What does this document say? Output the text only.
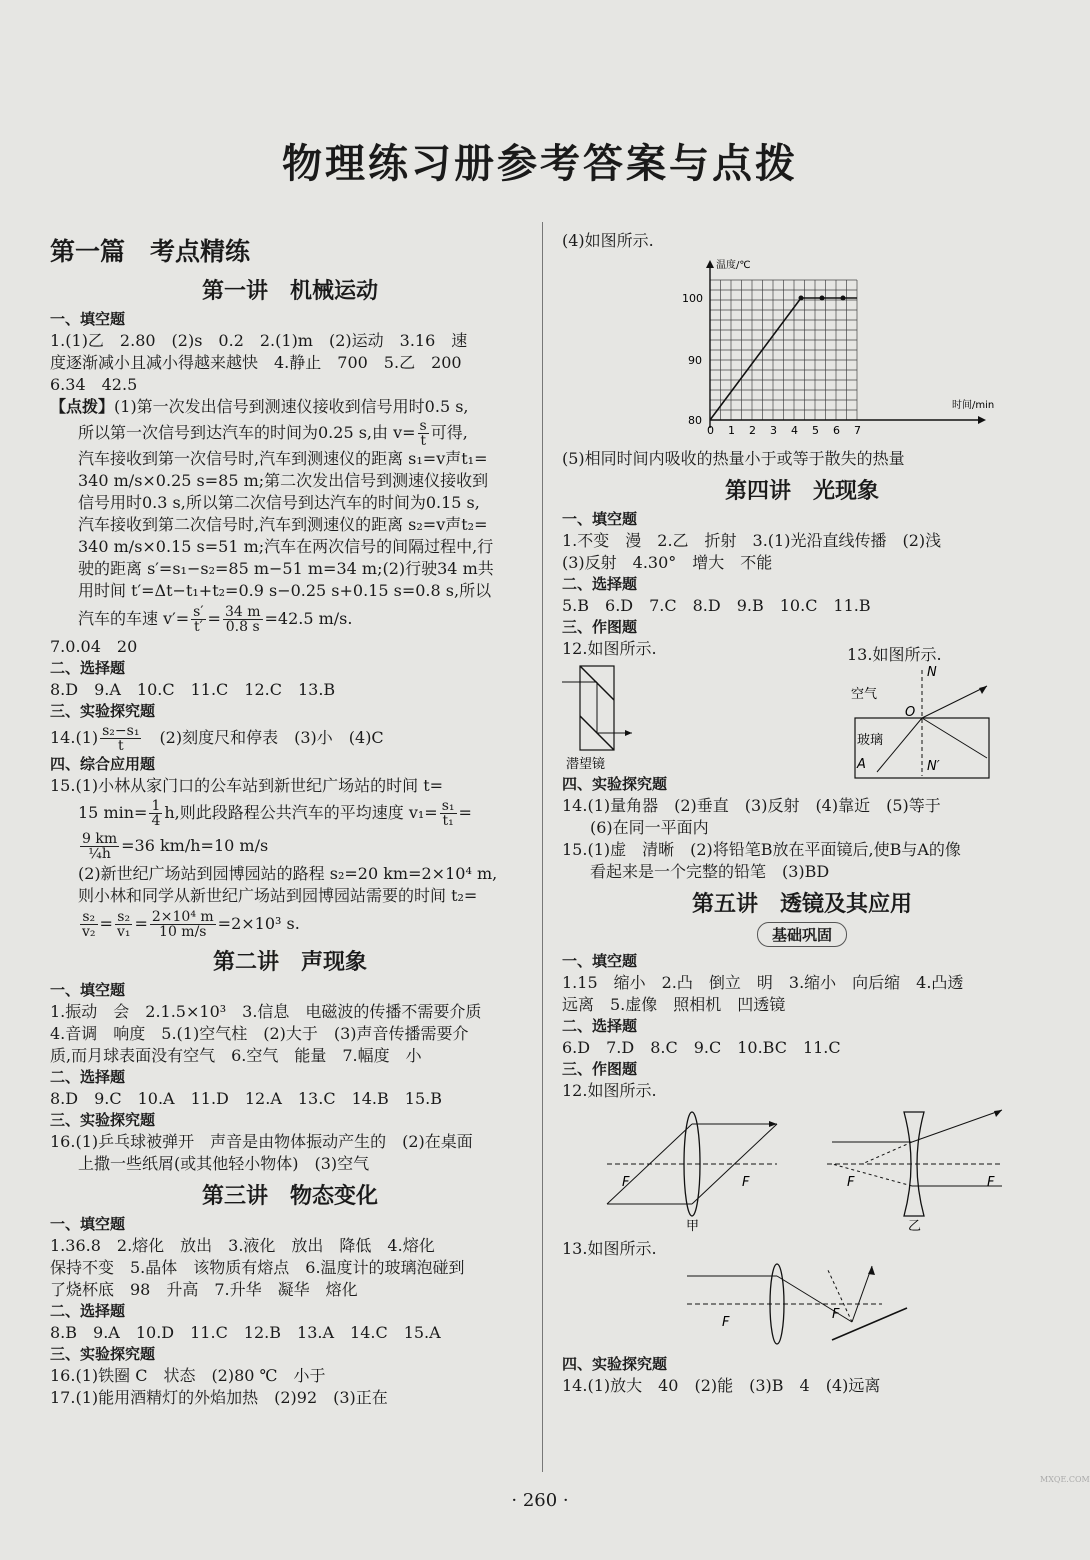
物理练习册参考答案与点拨
第一篇　考点精练
第一讲　机械运动
一、填空题
1.(1)乙　2.80　(2)s　0.2　2.(1)m　(2)运动　3.16　速
度逐渐减小且减小得越来越快　4.静止　700　5.乙　200
6.34　42.5
【点拨】(1)第一次发出信号到测速仪接收到信号用时0.5 s,
所以第一次信号到达汽车的时间为0.25 s,由 $v= \frac{s}{t}$ 可得,
汽车接收到第一次信号时,汽车到测速仪的距离 s₁=v声t₁=
340 m/s×0.25 s=85 m;第二次发出信号到测速仪接收到
信号用时0.3 s,所以第二次信号到达汽车的时间为0.15 s,
汽车接收到第二次信号时,汽车到测速仪的距离 s₂=v声t₂=
340 m/s×0.15 s=51 m;汽车在两次信号的间隔过程中,行
驶的距离 s′=s₁−s₂=85 m−51 m=34 m;(2)行驶34 m共
用时间 t′=Δt−t₁+t₂=0.9 s−0.25 s+0.15 s=0.8 s,所以
汽车的车速 $v'= \frac{s'}{t'} = \frac{34 m}{0.8 s} =42.5$ m/s.
7.0.04　20
二、选择题
8.D　9.A　10.C　11.C　12.C　13.B
三、实验探究题
$14.(1) \frac{\text{s₂−s₁}}{t}$ 　(2)刻度尺和停表　(3)小　(4)C
四、综合应用题
15.(1)小林从家门口的公车站到新世纪广场站的时间 t=
15 $\min= \frac{1}{4} h$,则此段路程公共汽车的平均速度 $v_1= \frac{\text{s₁}}{\text{t₁}}$ =
$\frac{9 km}{\text{¼h}} =36$ km/h=10 m/s
(2)新世纪广场站到园博园站的路程 s₂=20 km=2×10⁴ m,
则小林和同学从新世纪广场站到园博园站需要的时间 t₂=
$\frac{\text{s₂}}{\text{v₂}} = \frac{\text{s₂}}{\text{v₁}} = \frac{\text{2×10⁴ m}}{10 m/s} =2\times 10^3$ s.
第二讲　声现象
一、填空题
1.振动　会　2.1.5×10³　3.信息　电磁波的传播不需要介质
4.音调　响度　5.(1)空气柱　(2)大于　(3)声音传播需要介
质,而月球表面没有空气　6.空气　能量　7.幅度　小
二、选择题
8.D　9.C　10.A　11.D　12.A　13.C　14.B　15.B
三、实验探究题
16.(1)乒乓球被弹开　声音是由物体振动产生的　(2)在桌面
上撒一些纸屑(或其他轻小物体)　(3)空气
第三讲　物态变化
一、填空题
1.36.8　2.熔化　放出　3.液化　放出　降低　4.熔化
保持不变　5.晶体　该物质有熔点　6.温度计的玻璃泡碰到
了烧杯底　98　升高　7.升华　凝华　熔化
二、选择题
8.B　9.A　10.D　11.C　12.B　13.A　14.C　15.A
三、实验探究题
16.(1)铁圈 C　状态　(2)80 ℃　小于
17.(1)能用酒精灯的外焰加热　(2)92　(3)正在
(4)如图所示.
温度/℃
时间/min
80
90
100
0 1 2 3 4 5 6 7
(5)相同时间内吸收的热量小于或等于散失的热量
第四讲　光现象
一、填空题
1.不变　漫　2.乙　折射　3.(1)光沿直线传播　(2)浅
(3)反射　4.30°　增大　不能
二、选择题
5.B　6.D　7.C　8.D　9.B　10.C　11.B
三、作图题
12.如图所示.	13.如图所示.
潜望镜
空气
玻璃
N
O
A	N′
四、实验探究题
14.(1)量角器　(2)垂直　(3)反射　(4)靠近　(5)等于
(6)在同一平面内
15.(1)虚　清晰　(2)将铅笔B放在平面镜后,使B与A的像
看起来是一个完整的铅笔　(3)BD
第五讲　透镜及其应用
基础巩固
一、填空题
1.15　缩小　2.凸　倒立　明　3.缩小　向后缩　4.凸透
远离　5.虚像　照相机　凹透镜
二、选择题
6.D　7.D　8.C　9.C　10.BC　11.C
三、作图题
12.如图所示.
F	F
甲
F	F
乙
13.如图所示.
F
F
四、实验探究题
14.(1)放大　40　(2)能　(3)B　4　(4)远离
· 260 ·
MXQE.COM
